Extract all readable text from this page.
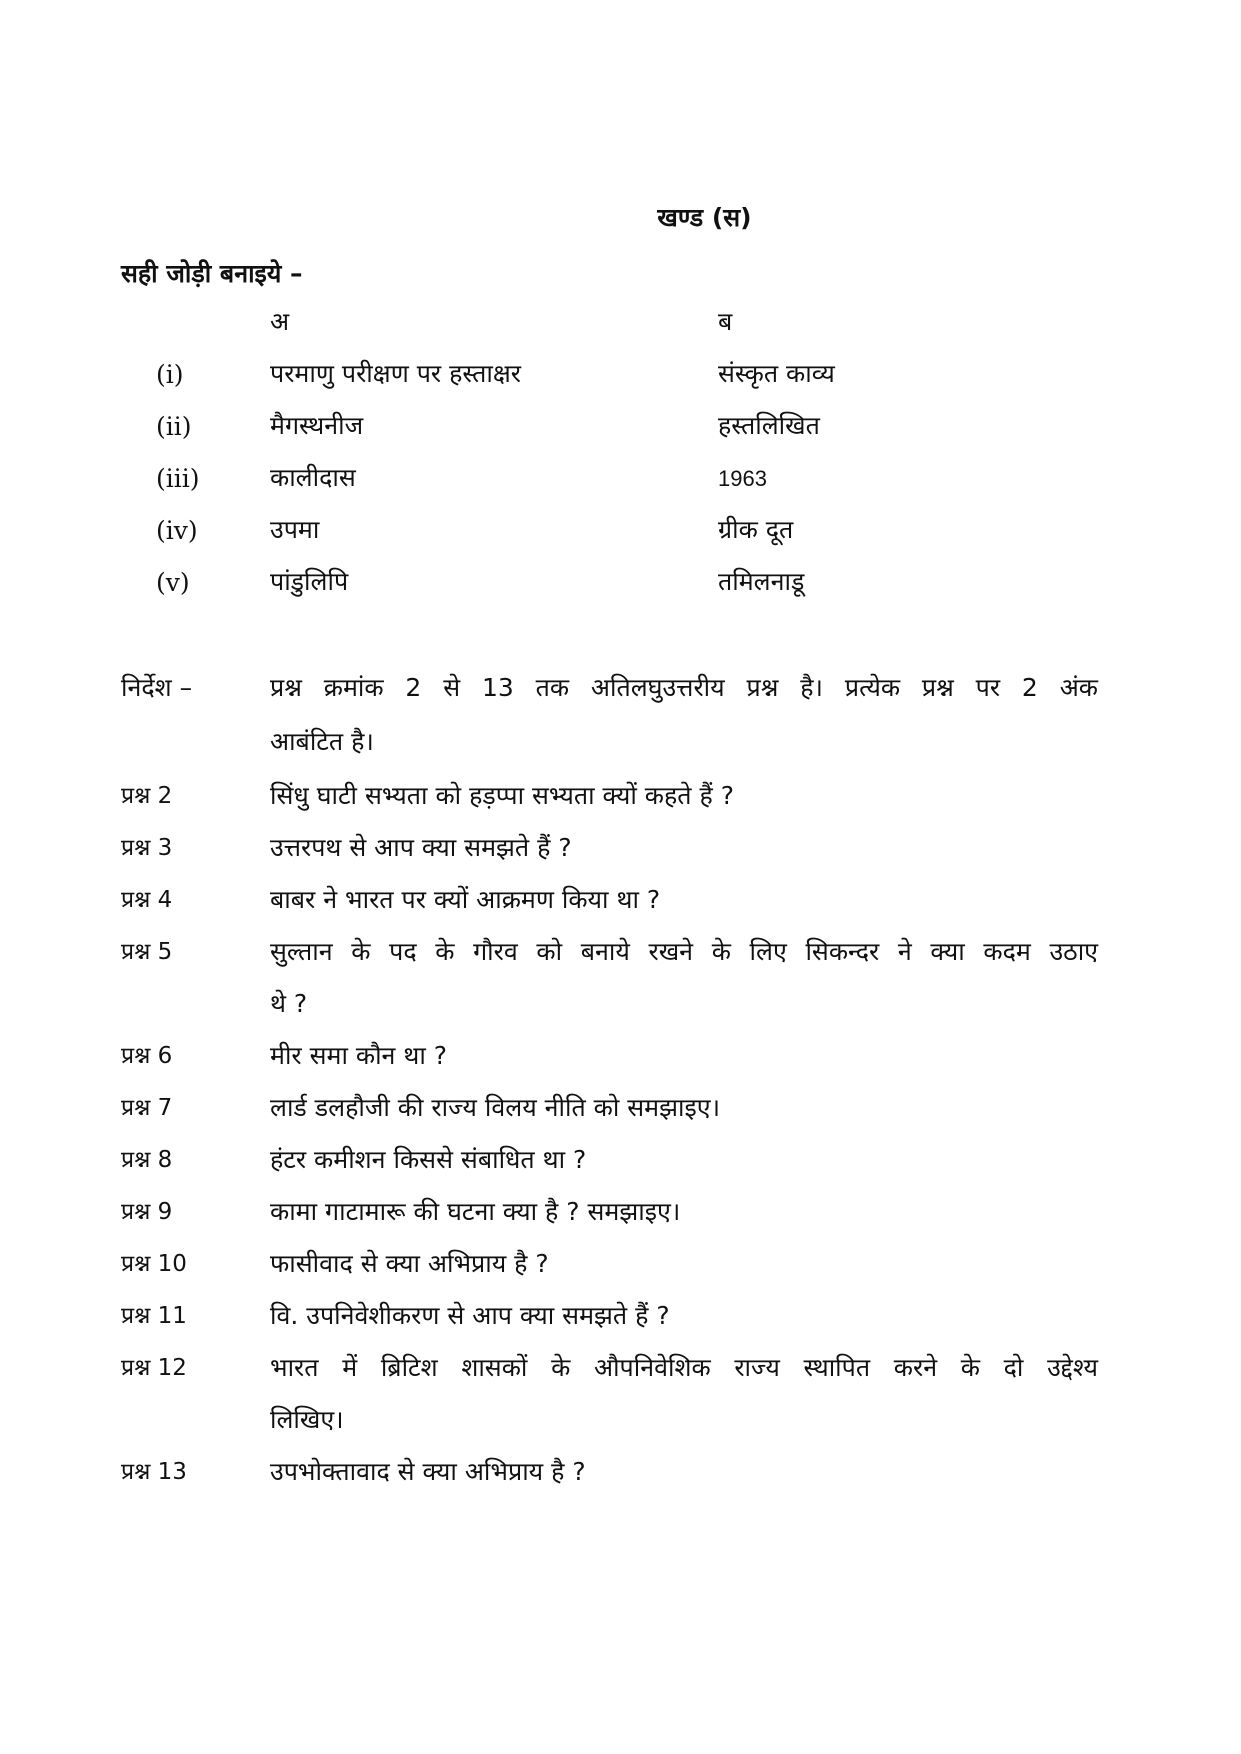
खण्ड (स)
सही जोड़ी बनाइये –
अ	ब
(i)	परमाणु परीक्षण पर हस्ताक्षर	संस्कृत काव्य
(ii)	मैगस्थनीज	हस्तलिखित
(iii)	कालीदास	1963
(iv)	उपमा	ग्रीक दूत
(v)	पांडुलिपि	तमिलनाडू
निर्देश –	प्रश्न क्रमांक 2 से 13 तक अतिलघुउत्तरीय प्रश्न है। प्रत्येक प्रश्न पर 2 अंक
आबंटित है।
प्रश्न 2	सिंधु घाटी सभ्यता को हड़प्पा सभ्यता क्यों कहते हैं ?
प्रश्न 3	उत्तरपथ से आप क्या समझते हैं ?
प्रश्न 4	बाबर ने भारत पर क्यों आक्रमण किया था ?
प्रश्न 5	सुल्तान के पद के गौरव को बनाये रखने के लिए सिकन्दर ने क्या कदम उठाए
थे ?
प्रश्न 6	मीर समा कौन था ?
प्रश्न 7	लार्ड डलहौजी की राज्य विलय नीति को समझाइए।
प्रश्न 8	हंटर कमीशन किससे संबाधित था ?
प्रश्न 9	कामा गाटामारू की घटना क्या है ? समझाइए।
प्रश्न 10	फासीवाद से क्या अभिप्राय है ?
प्रश्न 11	वि. उपनिवेशीकरण से आप क्या समझते हैं ?
प्रश्न 12	भारत में ब्रिटिश शासकों के औपनिवेशिक राज्य स्थापित करने के दो उद्देश्य
लिखिए।
प्रश्न 13	उपभोक्तावाद से क्या अभिप्राय है ?
